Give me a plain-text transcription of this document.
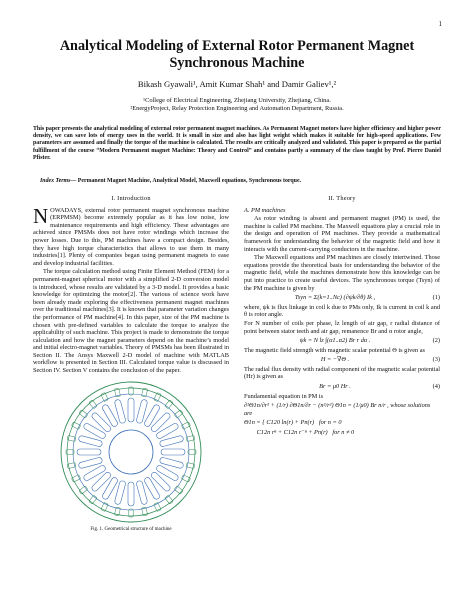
1
Analytical Modeling of External Rotor Permanent Magnet Synchronous Machine
Bikash Gyawali¹, Amit Kumar Shah¹ and Damir Galiev¹,²
¹College of Electrical Engineering, Zhejiang University, Zhejiang, China.
²EnergyProject, Relay Protection Engineering and Automation Department, Russia.
This paper presents the analytical modeling of external rotor permanent magnet machines. As Permanent Magnet motors have higher efficiency and higher power density, we can save lots of energy uses in the world. It is small in size and also has light weight which makes it suitable for high-speed applications. Few parameters are assumed and finally the torque of the machine is calculated. The results are critically analyzed and validated. This paper is prepared as the partial fulfillment of the course “Modern Permanent magnet Machine: Theory and Control” and contains partly a summary of the class taught by Prof. Pierre Daniel Pfister.
Index Terms— Permanent Magnet Machine, Analytical Model, Maxwell equations, Synchronous torque.
I. Introduction

NOWADAYS, external rotor permanent magnet synchronous machine (ERPMSM) become extremely popular as it has low noise, low maintenance requirements and high efficiency. These advantages are achieved since PMSMs does not have rotor windings which increase the power losses. Due to this, PM machines have a compact design. Besides, they have high torque characteristics that allows to use them in many industries[1]. Plenty of companies began using permanent magnets to ease and develop industrial facilities.

The torque calculation method using Finite Element Method (FEM) for a permanent-magnet spherical motor with a simplified 2-D conversion model is introduced, whose results are validated by a 3-D model. It provides a basic knowledge for optimizing the motor[2]. The various of science work have been already made exploring the effectiveness permanent magnet machines over the traditional machines[3]. It is known that parameter variation changes the performance of PM machine[4]. In this paper, size of the PM machine is chosen with pre-defined variables to calculate the torque to analyze the applicability of such machine. This project is made to demonstrate the torque calculation and how the magnet parameters depend on the machine’s model and initial electro-magnet variables. Theory of PMSMs has been illustrated in Section II. The Ansys Maxwell 2-D model of machine with MATLAB workflow is presented in Section III. Calculated torque value is discussed in Section IV. Section V contains the conclusion of the paper.

Fig. 1. Geometrical structure of machine
II. Theory
A. PM machines

As rotor winding is absent and permanent magnet (PM) is used, the machine is called PM machine. The Maxwell equations play a crucial role in the design and operation of PM machines. They provide a mathematical framework for understanding the behavior of the magnetic field and how it interacts with the current-carrying conductors in the machine.

The Maxwell equations and PM machines are closely intertwined. Those equations provide the theoretical basis for understanding the behavior of the magnetic field, while the machines demonstrate how this knowledge can be put into practice to create useful devices. The synchronous torque (Tsyn) of the PM machine is given by

Tsyn = Σ(k=1..Nc) (∂ψk/∂θ) Ik ,	(1)

where, ψk is flux linkage in coil k due to PMs only, Ik is current in coil k and θ is rotor angle.

For N number of coils per phase, lz length of air gap, r radial distance of point between stator teeth and air gap, remanence Br and α rotor angle,

ψk = N lz ∫(α1..α2) Br r dα .	(2)

The magnetic field strength with magnetic scalar potential Θ is given as

H = −∇Θ .	(3)

The radial flux density with radial component of the magnetic scalar potential (Hr) is given as

Br = μ0 Hr .	(4)

Fundamental equation in PM is

∂²Θ1n/∂r² + (1/r) ∂Θ1n/∂r − (n²/r²) Θ1n = (1/μ0) Br n/r , whose solutions are
Θ1n = { C120 ln(r) + Pn(r)   for n = 0
C12n rⁿ + C12n r⁻ⁿ + Pn(r)   for n ≠ 0
